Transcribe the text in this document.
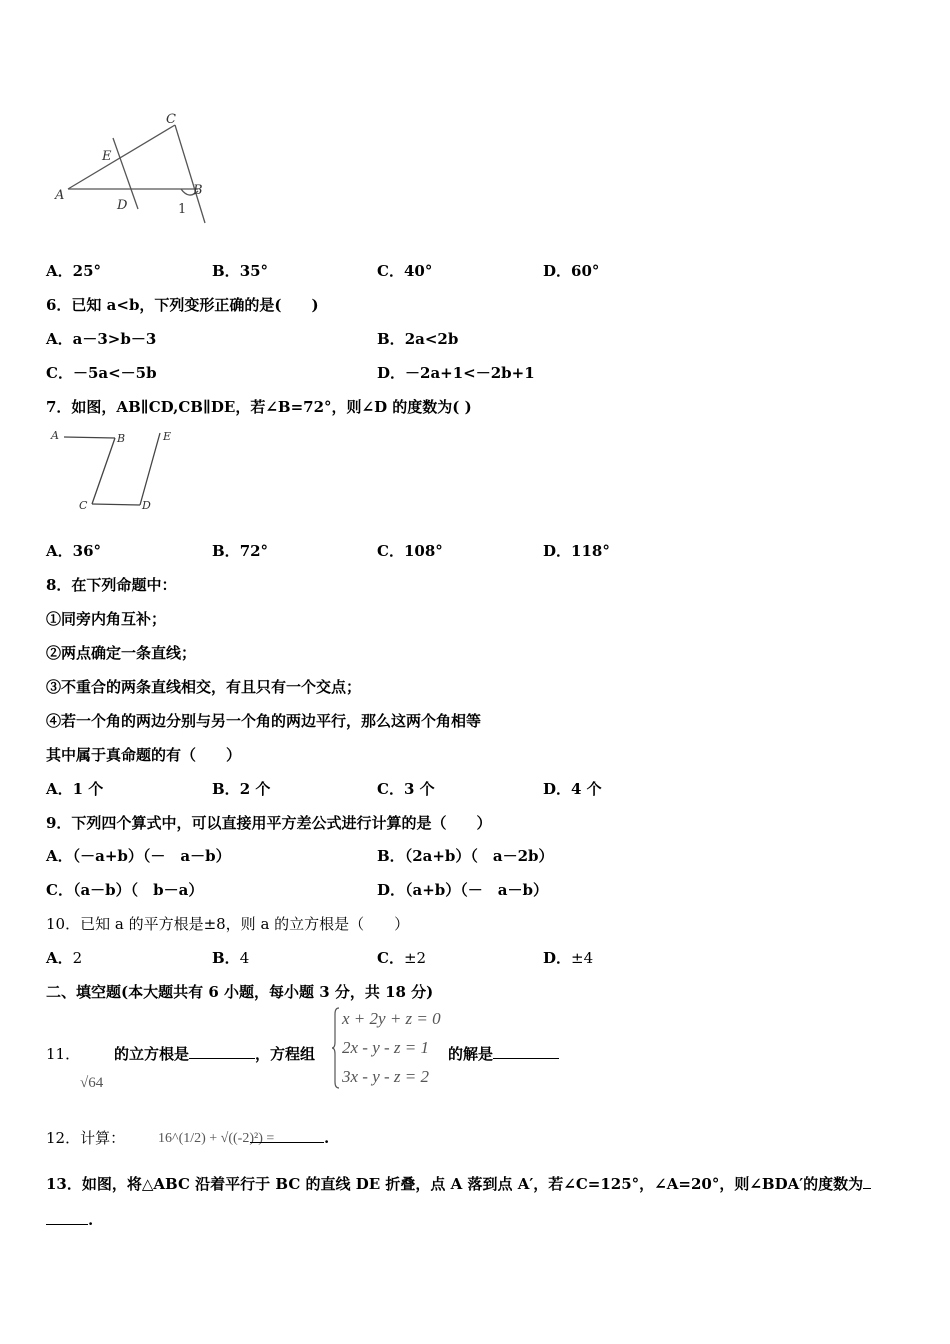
C
E
A
D
B
1
A．25°	B．35°	C．40°	D．60°
6．已知 a<b，下列变形正确的是(　　)
A．a－3>b－3	B．2a<2b
C．－5a<－5b	D．－2a+1<－2b+1
7．如图，AB∥CD,CB∥DE，若∠B=72°，则∠D 的度数为( )
A	B	E
C	D
A．36°	B．72°	C．108°	D．118°
8．在下列命题中：
①同旁内角互补；
②两点确定一条直线；
③不重合的两条直线相交，有且只有一个交点；
④若一个角的两边分别与另一个角的两边平行，那么这两个角相等
其中属于真命题的有（　　）
A．1 个	B．2 个	C．3 个	D．4 个
9．下列四个算式中，可以直接用平方差公式进行计算的是（　　）
A．（－a+b）（－　a－b）	B．（2a+b）（　a－2b）
C．（a－b）（　b－a）	D．（a+b）（－　a－b）
10．已知 a 的平方根是±8，则 a 的立方根是（　　）
A．2	B．4	C．±2	D．±4
二、填空题(本大题共有 6 小题，每小题 3 分，共 18 分)
11．
√64
的立方根是	，方程组
x + 2y + z = 0
2x - y - z = 1
3x - y - z = 2
的解是
12．计算： 16^(1/2) + √((-2)²) =	.
13．如图，将△ABC 沿着平行于 BC 的直线 DE 折叠，点 A 落到点 A′，若∠C=125°，∠A=20°，则∠BDA′的度数为
.
